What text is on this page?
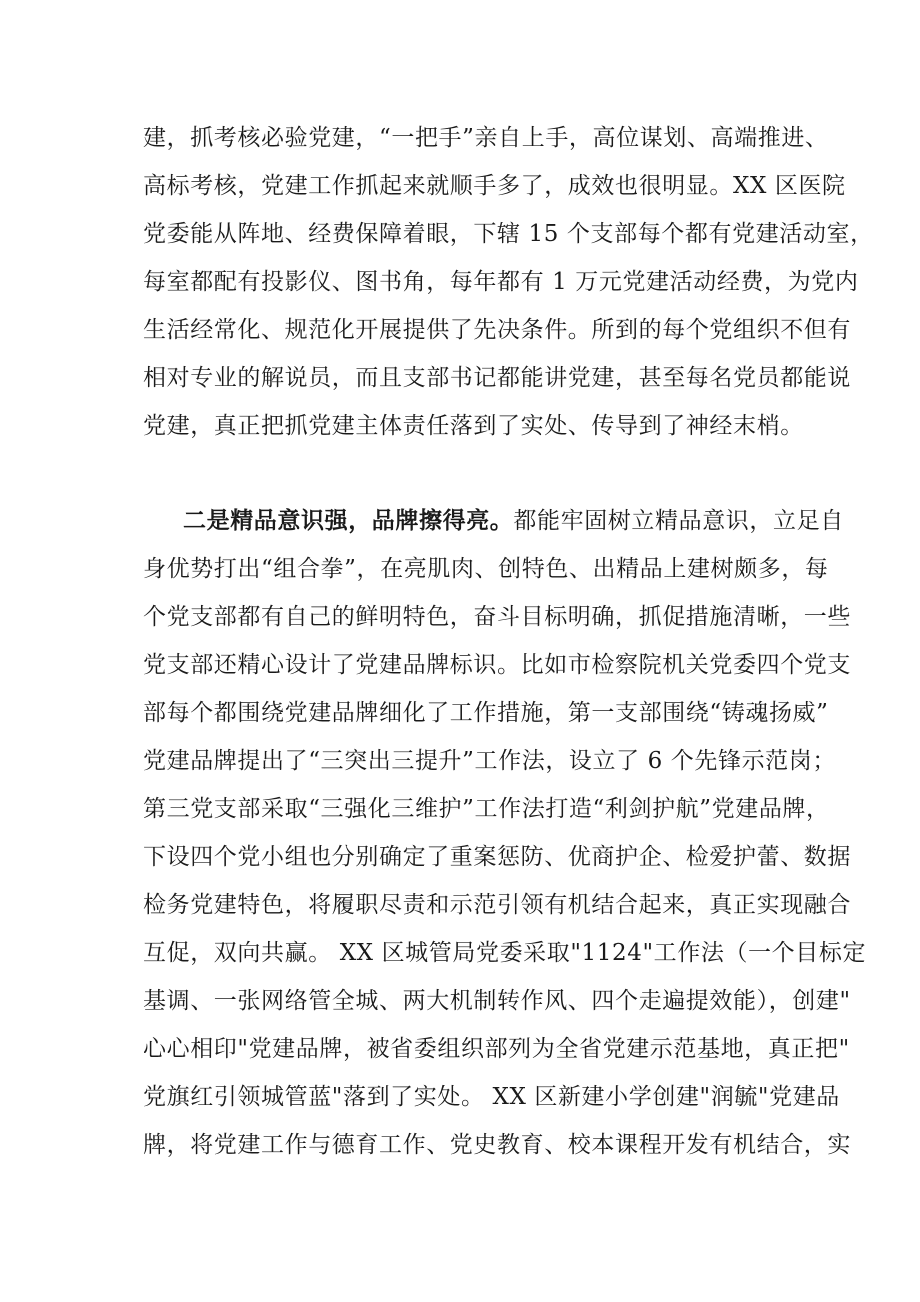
建，抓考核必验党建，“一把手”亲自上手，高位谋划、高端推进、
高标考核，党建工作抓起来就顺手多了，成效也很明显。XX 区医院
党委能从阵地、经费保障着眼，下辖 15 个支部每个都有党建活动室，
每室都配有投影仪、图书角，每年都有 1 万元党建活动经费，为党内
生活经常化、规范化开展提供了先决条件。所到的每个党组织不但有
相对专业的解说员，而且支部书记都能讲党建，甚至每名党员都能说
党建，真正把抓党建主体责任落到了实处、传导到了神经末梢。
二是精品意识强，品牌擦得亮。都能牢固树立精品意识，立足自
身优势打出“组合拳”，在亮肌肉、创特色、出精品上建树颇多，每
个党支部都有自己的鲜明特色，奋斗目标明确，抓促措施清晰，一些
党支部还精心设计了党建品牌标识。比如市检察院机关党委四个党支
部每个都围绕党建品牌细化了工作措施，第一支部围绕“铸魂扬威”
党建品牌提出了“三突出三提升”工作法，设立了 6 个先锋示范岗；
第三党支部采取“三强化三维护”工作法打造“利剑护航”党建品牌，
下设四个党小组也分别确定了重案惩防、优商护企、检爱护蕾、数据
检务党建特色，将履职尽责和示范引领有机结合起来，真正实现融合
互促，双向共赢。 XX 区城管局党委采取"1124"工作法（一个目标定
基调、一张网络管全城、两大机制转作风、四个走遍提效能），创建"
心心相印"党建品牌，被省委组织部列为全省党建示范基地，真正把"
党旗红引领城管蓝"落到了实处。 XX 区新建小学创建"润毓"党建品
牌，将党建工作与德育工作、党史教育、校本课程开发有机结合，实
